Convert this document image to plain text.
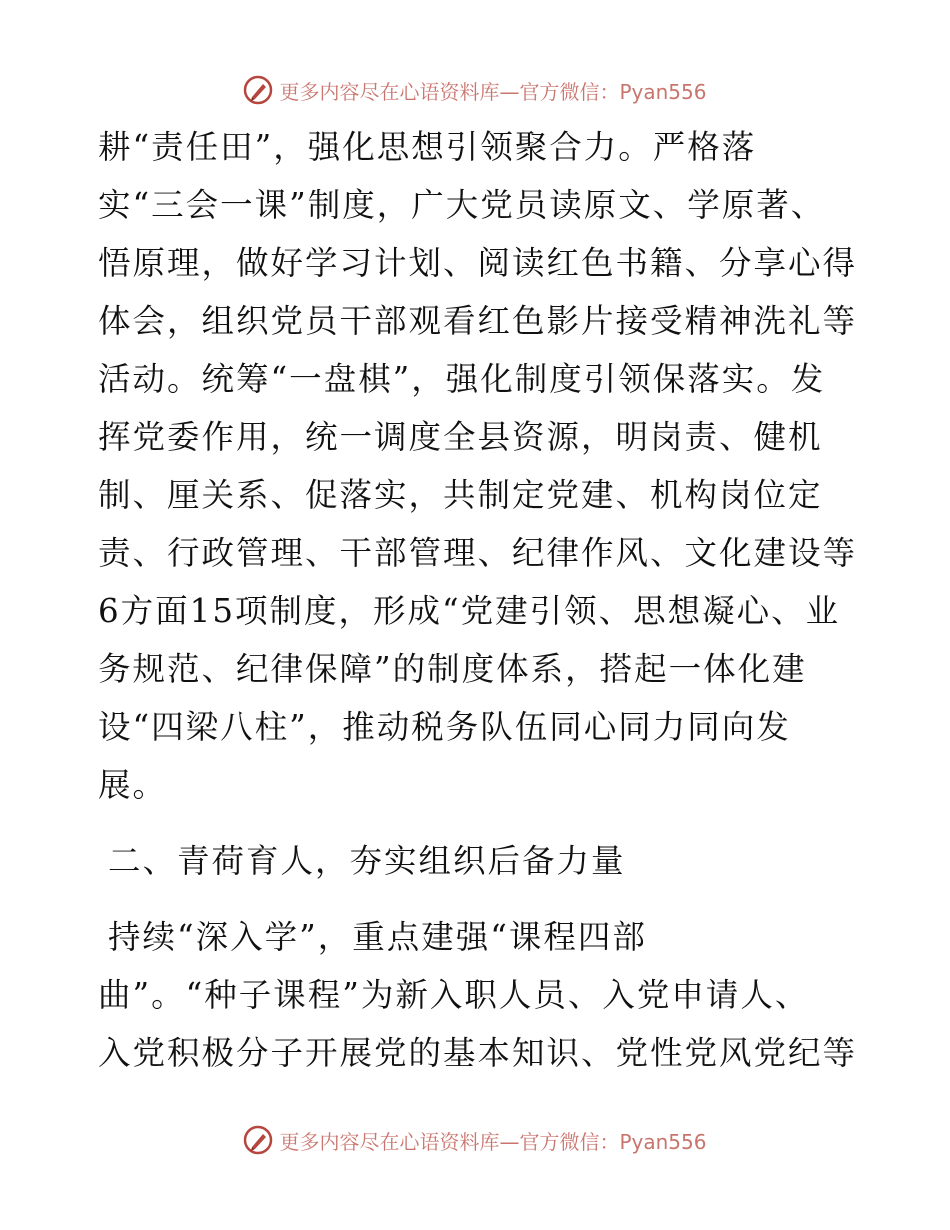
更多内容尽在心语资料库—官方微信：Pyan556
耕“责任田”，强化思想引领聚合力。严格落
实“三会一课”制度，广大党员读原文、学原著、
悟原理，做好学习计划、阅读红色书籍、分享心得
体会，组织党员干部观看红色影片接受精神洗礼等
活动。统筹“一盘棋”，强化制度引领保落实。发
挥党委作用，统一调度全县资源，明岗责、健机
制、厘关系、促落实，共制定党建、机构岗位定
责、行政管理、干部管理、纪律作风、文化建设等
6方面15项制度，形成“党建引领、思想凝心、业
务规范、纪律保障”的制度体系，搭起一体化建
设“四梁八柱”，推动税务队伍同心同力同向发
展。
二、青荷育人，夯实组织后备力量
持续“深入学”，重点建强“课程四部
曲”。“种子课程”为新入职人员、入党申请人、
入党积极分子开展党的基本知识、党性党风党纪等
更多内容尽在心语资料库—官方微信：Pyan556
